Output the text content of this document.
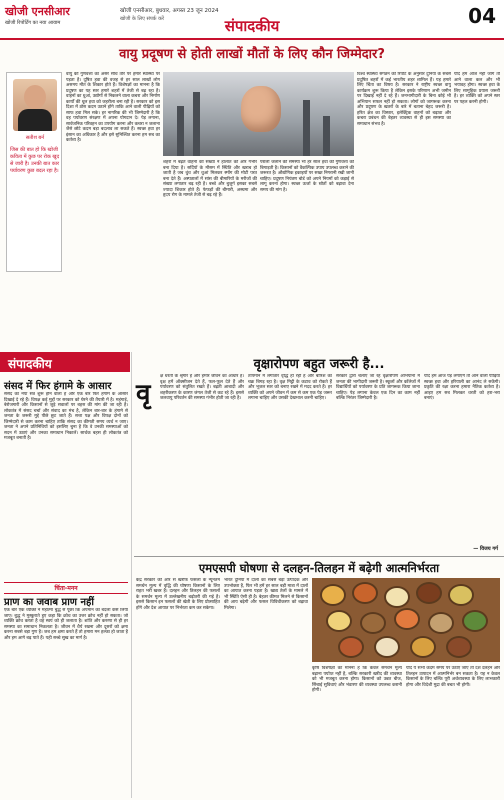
खोजी एनसीआर
खोजी रिपोर्टिंग का नया आयाम
खोजी एनसीआर, बुधवार, अगस्त 23 जून 2024
खोजी के लिए संपर्क करें	संपादकीय	04
वायु प्रदूषण से होती लाखों मौतों के लिए कौन जिम्मेदार?
सतीश बर्न
जिस की बात हो कि खोजी कविता में कुछ पर रोक खुद से जारी है। उनकी बात कार पर्यावरण कुछ बदल रहा है।
वायु की गुणवत्ता का असर सीधे तौर पर हमारे स्वास्थ्य पर पड़ता है। दूषित हवा की वजह से हर साल लाखों लोग असमय मौत के शिकार होते हैं। विशेषज्ञों का मानना है कि प्रदूषण का यह स्तर हमारे शहरों में तेजी से बढ़ रहा है। वाहनों का धुआं, उद्योगों से निकलने वाला कचरा और निर्माण कार्यों की धूल हवा को जहरीला बना रही है। सरकार को इस दिशा में ठोस कदम उठाने होंगे ताकि आने वाली पीढ़ियों को साफ हवा मिल सके। हर नागरिक की भी जिम्मेदारी है कि वह पर्यावरण संरक्षण में अपना योगदान दे। पेड़ लगाना, सार्वजनिक परिवहन का उपयोग करना और कचरा न जलाना जैसे छोटे कदम बड़ा बदलाव ला सकते हैं। स्वच्छ हवा हर इंसान का अधिकार है और इसे सुनिश्चित करना हम सब का कर्तव्य है।
शहरों में बढ़ते वाहनों की संख्या ने हालात को और गंभीर बना दिया है। सर्दियों के मौसम में स्थिति और खराब हो जाती है जब धुंध और धुआं मिलकर स्मॉग की मोटी परत बना देते हैं। अस्पतालों में सांस की बीमारियों के मरीजों की संख्या लगातार बढ़ रही है। बच्चे और बुजुर्ग इसका सबसे ज्यादा शिकार होते हैं। फेफड़ों की बीमारी, अस्थमा और हृदय रोग के मामले तेजी से बढ़ रहे हैं।
पराली जलाने की समस्या भी हर साल हवा की गुणवत्ता को बिगाड़ती है। किसानों को वैकल्पिक उपाय उपलब्ध कराने की जरूरत है। औद्योगिक इकाइयों पर सख्त निगरानी रखी जानी चाहिए। प्रदूषण नियंत्रण बोर्ड को अपने नियमों को कड़ाई से लागू करना होगा। स्वच्छ ऊर्जा के स्रोतों को बढ़ावा देना समय की मांग है।
विश्व स्वास्थ्य संगठन की रिपोर्ट के अनुसार दुनिया के सबसे प्रदूषित शहरों में कई भारतीय शहर शामिल हैं। यह हमारे लिए चिंता का विषय है। सरकार ने राष्ट्रीय स्वच्छ वायु कार्यक्रम शुरू किया है लेकिन इसके परिणाम अभी जमीन पर दिखाई नहीं दे रहे हैं। जनभागीदारी के बिना कोई भी अभियान सफल नहीं हो सकता। लोगों को जागरूक करना और प्रदूषण के खतरों के बारे में बताना बेहद जरूरी है। हरित क्षेत्र का विस्तार, इलेक्ट्रिक वाहनों को बढ़ावा और कचरा प्रबंधन की बेहतर व्यवस्था से ही इस समस्या का समाधान संभव है।
यदि हम आज नहीं जागे तो आने वाला कल और भी भयावह होगा। स्वच्छ हवा के लिए सामूहिक प्रयास जरूरी है। हर व्यक्ति को अपने स्तर पर पहल करनी होगी।
संपादकीय
संसद में फिर हंगामे के आसार
संसद का नया सत्र शुरू होने वाला है और एक बार फिर हंगामे के आसार दिखाई दे रहे हैं। विपक्ष कई मुद्दों पर सरकार को घेरने की तैयारी में है। महंगाई, बेरोजगारी और किसानों से जुड़े सवालों पर बहस की मांग की जा रही है। लोकतंत्र में संसद चर्चा और संवाद का मंच है, लेकिन बार-बार के हंगामे से जनता के जरूरी मुद्दे पीछे छूट जाते हैं। सत्ता पक्ष और विपक्ष दोनों को जिम्मेदारी से काम करना चाहिए ताकि संसद का कीमती समय व्यर्थ न जाए। जनता ने अपने प्रतिनिधियों को इसलिए चुना है कि वे उनकी समस्याओं को सदन में उठाएं और उनका समाधान निकालें। सार्थक बहस ही लोकतंत्र को मजबूत बनाती है।
चिंता-मनन
प्राण का जवाब प्राण नहीं
एक बार एक व्यक्ति ने महात्मा बुद्ध से पूछा कि अपमान का बदला कैसे लिया जाए। बुद्ध ने मुस्कुराते हुए कहा कि क्रोध का उत्तर क्रोध नहीं हो सकता। जो व्यक्ति क्रोध करता है वह स्वयं को ही जलाता है। शांति और करुणा से ही हर समस्या का समाधान निकलता है। जीवन में धैर्य रखना और दूसरों को क्षमा करना सबसे बड़ा गुण है। जब हम क्षमा करते हैं तो हमारा मन हल्का हो जाता है और हम आगे बढ़ पाते हैं। यही सच्चे सुख का मार्ग है।
वृक्षारोपण बहुत जरूरी है...
वृ
क्ष धरती के श्रृंगार हैं और हमारे जीवन का आधार हैं। वृक्ष हमें ऑक्सीजन देते हैं, फल-फूल देते हैं और पर्यावरण को संतुलित रखते हैं। बढ़ती आबादी और शहरीकरण के कारण जंगल तेजी से कट रहे हैं। इससे जलवायु परिवर्तन की समस्या गंभीर होती जा रही है।
तापमान में लगातार वृद्धि हो रही है और बारिश का चक्र बिगड़ रहा है। वृक्ष मिट्टी के कटाव को रोकते हैं और भूजल स्तर को बनाए रखने में मदद करते हैं। हर व्यक्ति को अपने जीवन में कम से कम एक पेड़ जरूर लगाना चाहिए और उसकी देखभाल करनी चाहिए।
सरकार द्वारा चलाए जा रहे वृक्षारोपण अभियानों में जनता की भागीदारी जरूरी है। स्कूलों और कॉलेजों में विद्यार्थियों को पर्यावरण के प्रति जागरूक किया जाना चाहिए। पेड़ लगाना केवल एक दिन का काम नहीं बल्कि निरंतर जिम्मेदारी है।
यदि हम आज पेड़ लगाएंगे तो आने वाली पीढ़ियां स्वच्छ हवा और हरियाली का आनंद ले सकेंगी। प्रकृति की रक्षा करना हमारा नैतिक कर्तव्य है। आइए हम सब मिलकर धरती को हरा-भरा बनाएं।
— विजय गर्ग
एमएसपी घोषणा से दलहन-तिलहन में बढ़ेगी आत्मनिर्भरता
केंद्र सरकार की ओर से खरीफ फसलों के न्यूनतम समर्थन मूल्य में वृद्धि की घोषणा किसानों के लिए राहत भरी खबर है। दलहन और तिलहन की फसलों के समर्थन मूल्य में उल्लेखनीय बढ़ोतरी की गई है। इससे किसान इन फसलों की खेती के लिए प्रोत्साहित होंगे और देश आयात पर निर्भरता कम कर सकेगा।
भारत दुनिया में दालों का सबसे बड़ा उत्पादक और उपभोक्ता है, फिर भी हमें हर साल बड़ी मात्रा में दालों का आयात करना पड़ता है। खाद्य तेलों के मामले में भी स्थिति ऐसी ही है। बेहतर कीमत मिलने से किसानों की आय बढ़ेगी और फसल विविधीकरण को बढ़ावा मिलेगा।
कृषि विशेषज्ञों का मानना है कि केवल समर्थन मूल्य बढ़ाना पर्याप्त नहीं है, बल्कि सरकारी खरीद की व्यवस्था को भी मजबूत करना होगा। किसानों को उन्नत बीज, सिंचाई सुविधाएं और भंडारण की व्यवस्था उपलब्ध करानी होगी।
यदि ये सभी कदम समय पर उठाए जाएं तो देश दलहन और तिलहन उत्पादन में आत्मनिर्भर बन सकता है। यह न केवल किसानों के लिए बल्कि पूरी अर्थव्यवस्था के लिए लाभकारी होगा और विदेशी मुद्रा की बचत भी होगी।
